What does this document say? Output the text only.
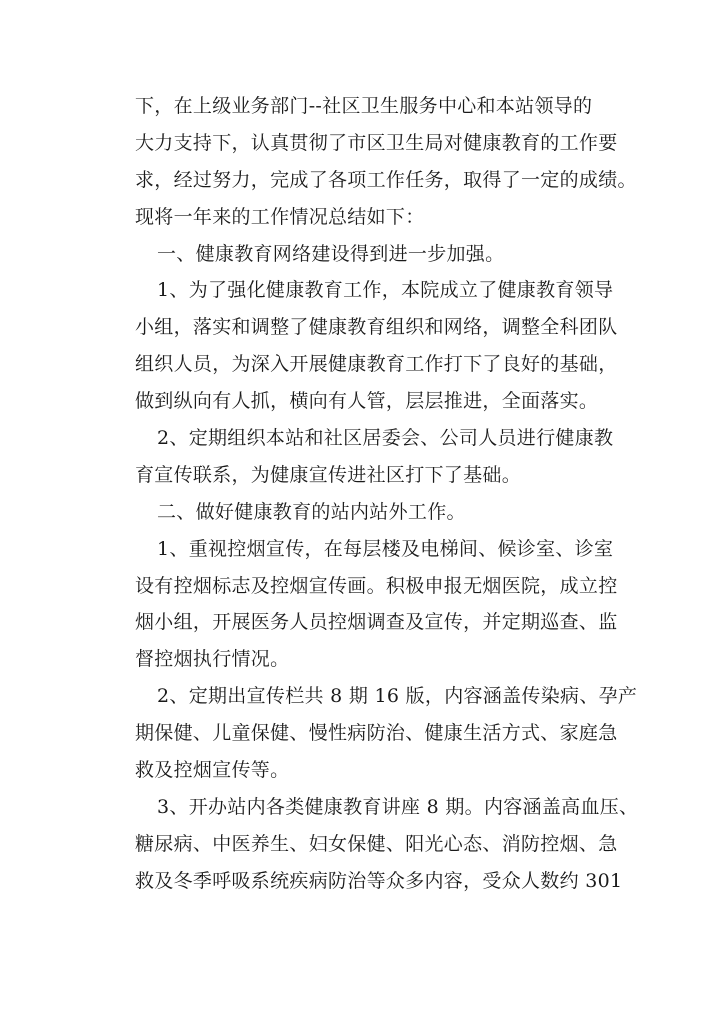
下，在上级业务部门--社区卫生服务中心和本站领导的
大力支持下，认真贯彻了市区卫生局对健康教育的工作要
求，经过努力，完成了各项工作任务，取得了一定的成绩。
现将一年来的工作情况总结如下：
一、健康教育网络建设得到进一步加强。
1、为了强化健康教育工作，本院成立了健康教育领导
小组，落实和调整了健康教育组织和网络，调整全科团队
组织人员，为深入开展健康教育工作打下了良好的基础，
做到纵向有人抓，横向有人管，层层推进，全面落实。
2、定期组织本站和社区居委会、公司人员进行健康教
育宣传联系，为健康宣传进社区打下了基础。
二、做好健康教育的站内站外工作。
1、重视控烟宣传，在每层楼及电梯间、候诊室、诊室
设有控烟标志及控烟宣传画。积极申报无烟医院，成立控
烟小组，开展医务人员控烟调查及宣传，并定期巡查、监
督控烟执行情况。
2、定期出宣传栏共 8 期 16 版，内容涵盖传染病、孕产
期保健、儿童保健、慢性病防治、健康生活方式、家庭急
救及控烟宣传等。
3、开办站内各类健康教育讲座 8 期。内容涵盖高血压、
糖尿病、中医养生、妇女保健、阳光心态、消防控烟、急
救及冬季呼吸系统疾病防治等众多内容，受众人数约 301
